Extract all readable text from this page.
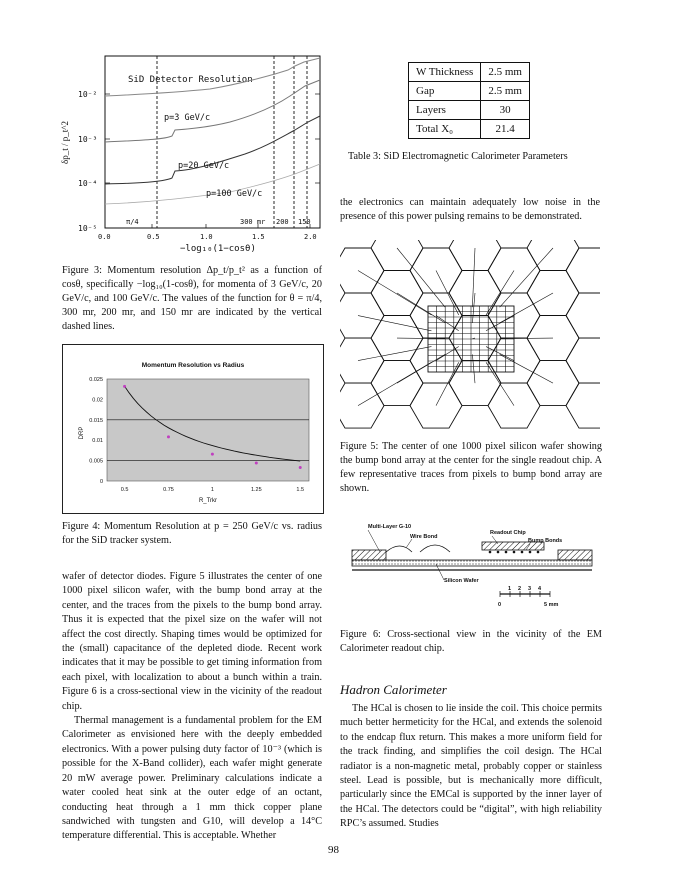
10⁻²
10⁻³
10⁻⁴
10⁻⁵
0.0	0.5	1.0	1.5	2.0
−log₁₀(1−cosθ)
δp_t / p_t^2
SiD Detector Resolution
p=3 GeV/c
p=20 GeV/c
p=100 GeV/c
π/4	300 mr 200 150

Figure 3: Momentum resolution Δp_t/p_t² as a function of cosθ, specifically −log₁₀(1-cosθ), for momenta of 3 GeV/c, 20 GeV/c, and 100 GeV/c. The values of the function for θ = π/4, 300 mr, 200 mr, and 150 mr are indicated by the vertical dashed lines.

Momentum Resolution vs Radius
0
0.005
0.01
0.015
0.02
0.025
0.5	0.75	1	1.25	1.5
R_Trkr
DRP

Figure 4: Momentum Resolution at p = 250 GeV/c vs. radius for the SiD tracker system.

wafer of detector diodes. Figure 5 illustrates the center of one 1000 pixel silicon wafer, with the bump bond array at the center, and the traces from the pixels to the bump bond array. Thus it is expected that the pixel size on the wafer will not affect the cost directly. Shaping times would be optimized for the (small) capacitance of the depleted diode. Recent work indicates that it may be possible to get timing information from each pixel, with localization to about a bunch within a train. Figure 6 is a cross-sectional view in the vicinity of the readout chip.

Thermal management is a fundamental problem for the EM Calorimeter as envisioned here with the deeply embedded electronics. With a power pulsing duty factor of 10⁻³ (which is possible for the X-Band collider), each wafer might generate 20 mW average power. Preliminary calculations indicate a water cooled heat sink at the outer edge of an octant, conducting heat through a 1 mm thick copper plane sandwiched with tungsten and G10, will develop a 14°C temperature differential. This is acceptable. Whether

W Thickness	2.5 mm
Gap	2.5 mm
Layers	30
Total X₀	21.4

Table 3: SiD Electromagnetic Calorimeter Parameters

the electronics can maintain adequately low noise in the presence of this power pulsing remains to be demonstrated.

Figure 5: The center of one 1000 pixel silicon wafer showing the bump bond array at the center for the single readout chip. A few representative traces from pixels to bump bond array are shown.

Multi-Layer G-10
Wire Bond
Readout Chip
Bump Bonds
Silicon Wafer
0
1 2 3 4
5 mm

Figure 6: Cross-sectional view in the vicinity of the EM Calorimeter readout chip.

Hadron Calorimeter

The HCal is chosen to lie inside the coil. This choice permits much better hermeticity for the HCal, and extends the solenoid to the endcap flux return. This makes a more uniform field for the track finding, and simplifies the coil design. The HCal radiator is a non-magnetic metal, probably copper or stainless steel. Lead is possible, but is mechanically more difficult, particularly since the EMCal is supported by the inner layer of the HCal. The detectors could be “digital”, with high reliability RPC’s assumed. Studies

98
